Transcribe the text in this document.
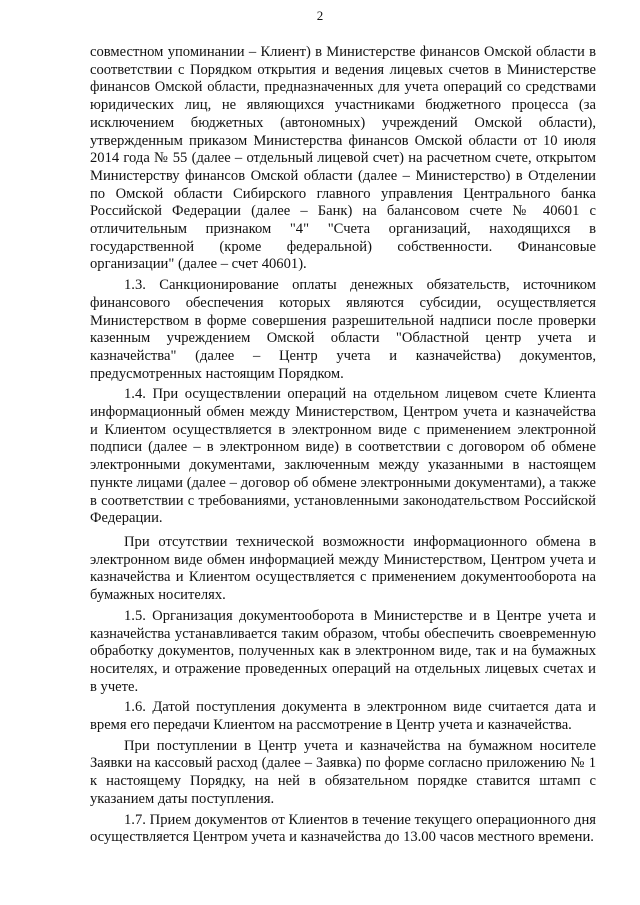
2

совместном упоминании – Клиент) в Министерстве финансов Омской области в соответствии с Порядком открытия и ведения лицевых счетов в Министерстве финансов Омской области, предназначенных для учета операций со средствами юридических лиц, не являющихся участниками бюджетного процесса (за исключением бюджетных (автономных) учреждений Омской области), утвержденным приказом Министерства финансов Омской области от 10 июля 2014 года № 55 (далее – отдельный лицевой счет) на расчетном счете, открытом Министерству финансов Омской области (далее – Министерство) в Отделении по Омской области Сибирского главного управления Центрального банка Российской Федерации (далее – Банк) на балансовом счете № 40601 с отличительным признаком "4" "Счета организаций, находящихся в государственной (кроме федеральной) собственности. Финансовые организации" (далее – счет 40601).

1.3. Санкционирование оплаты денежных обязательств, источником финансового обеспечения которых являются субсидии, осуществляется Министерством в форме совершения разрешительной надписи после проверки казенным учреждением Омской области "Областной центр учета и казначейства" (далее – Центр учета и казначейства) документов, предусмотренных настоящим Порядком.

1.4. При осуществлении операций на отдельном лицевом счете Клиента информационный обмен между Министерством, Центром учета и казначейства и Клиентом осуществляется в электронном виде с применением электронной подписи (далее – в электронном виде) в соответствии с договором об обмене электронными документами, заключенным между указанными в настоящем пункте лицами (далее – договор об обмене электронными документами), а также в соответствии с требованиями, установленными законодательством Российской Федерации.

При отсутствии технической возможности информационного обмена в электронном виде обмен информацией между Министерством, Центром учета и казначейства и Клиентом осуществляется с применением документооборота на бумажных носителях.

1.5. Организация документооборота в Министерстве и в Центре учета и казначейства устанавливается таким образом, чтобы обеспечить своевременную обработку документов, полученных как в электронном виде, так и на бумажных носителях, и отражение проведенных операций на отдельных лицевых счетах и в учете.

1.6. Датой поступления документа в электронном виде считается дата и время его передачи Клиентом на рассмотрение в Центр учета и казначейства.

При поступлении в Центр учета и казначейства на бумажном носителе Заявки на кассовый расход (далее – Заявка) по форме согласно приложению № 1 к настоящему Порядку, на ней в обязательном порядке ставится штамп с указанием даты поступления.

1.7. Прием документов от Клиентов в течение текущего операционного дня осуществляется Центром учета и казначейства до 13.00 часов местного времени.
